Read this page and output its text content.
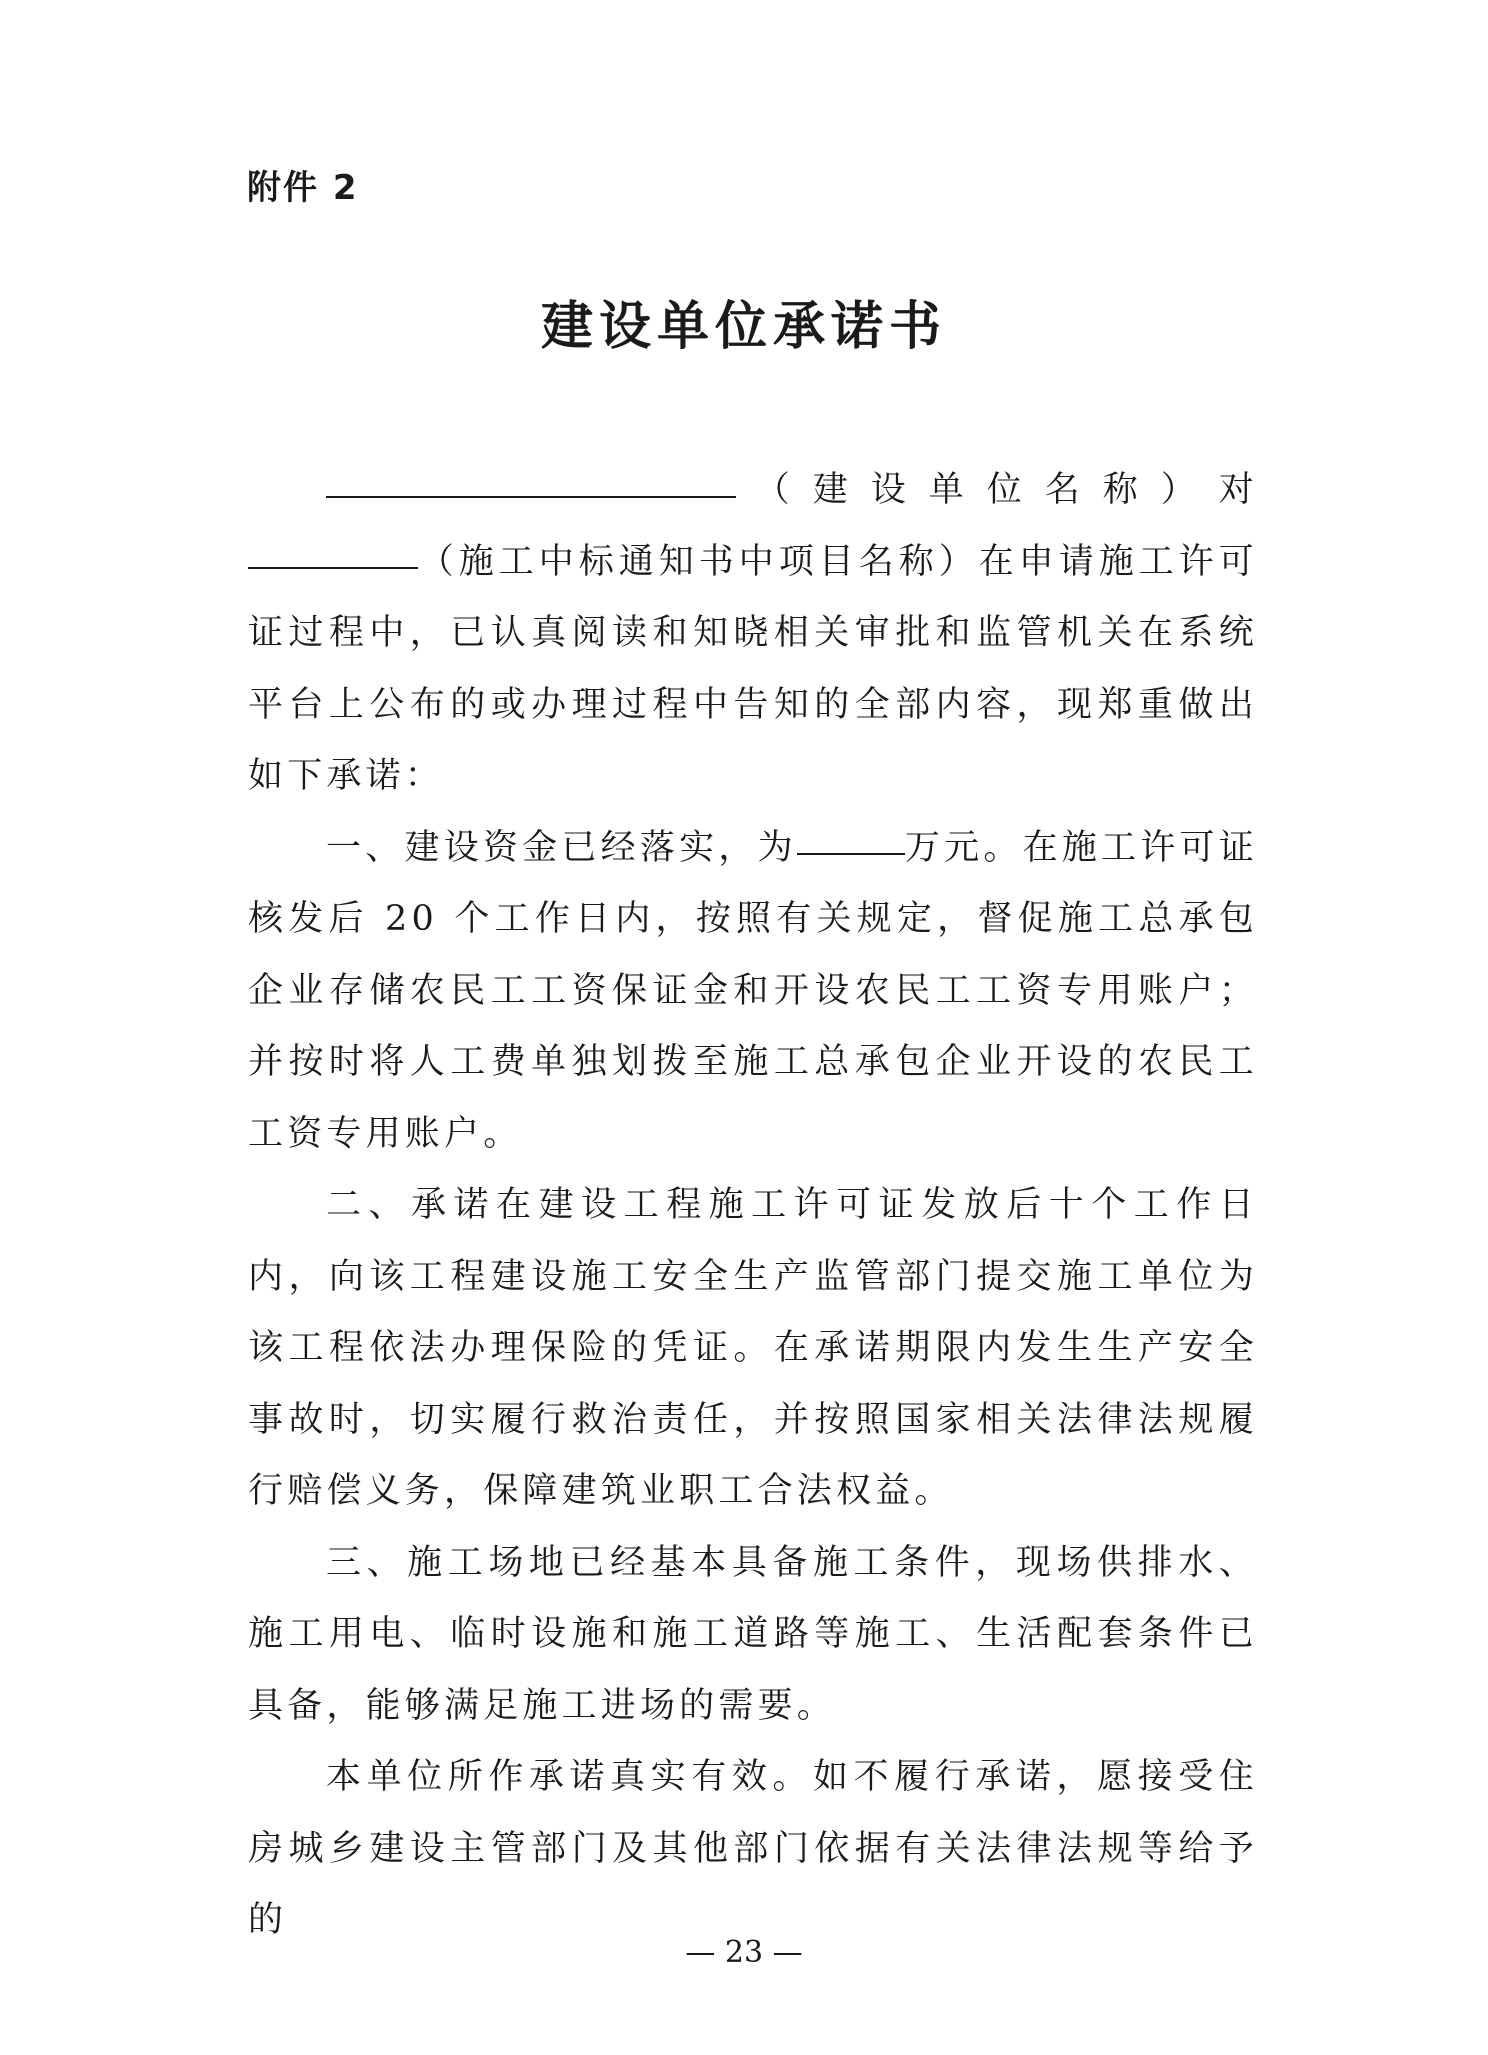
附件 2
建设单位承诺书

（建设单位名称）对（施工中标通知书中项目名称）在申请施工许可证过程中，已认真阅读和知晓相关审批和监管机关在系统平台上公布的或办理过程中告知的全部内容，现郑重做出如下承诺：

一、建设资金已经落实，为	万元。在施工许可证核发后 20 个工作日内，按照有关规定，督促施工总承包企业存储农民工工资保证金和开设农民工工资专用账户；并按时将人工费单独划拨至施工总承包企业开设的农民工工资专用账户。

二、承诺在建设工程施工许可证发放后十个工作日内，向该工程建设施工安全生产监管部门提交施工单位为该工程依法办理保险的凭证。在承诺期限内发生生产安全事故时，切实履行救治责任，并按照国家相关法律法规履行赔偿义务，保障建筑业职工合法权益。

三、施工场地已经基本具备施工条件，现场供排水、施工用电、临时设施和施工道路等施工、生活配套条件已具备，能够满足施工进场的需要。

本单位所作承诺真实有效。如不履行承诺，愿接受住房城乡建设主管部门及其他部门依据有关法律法规等给予的

— 23 —
